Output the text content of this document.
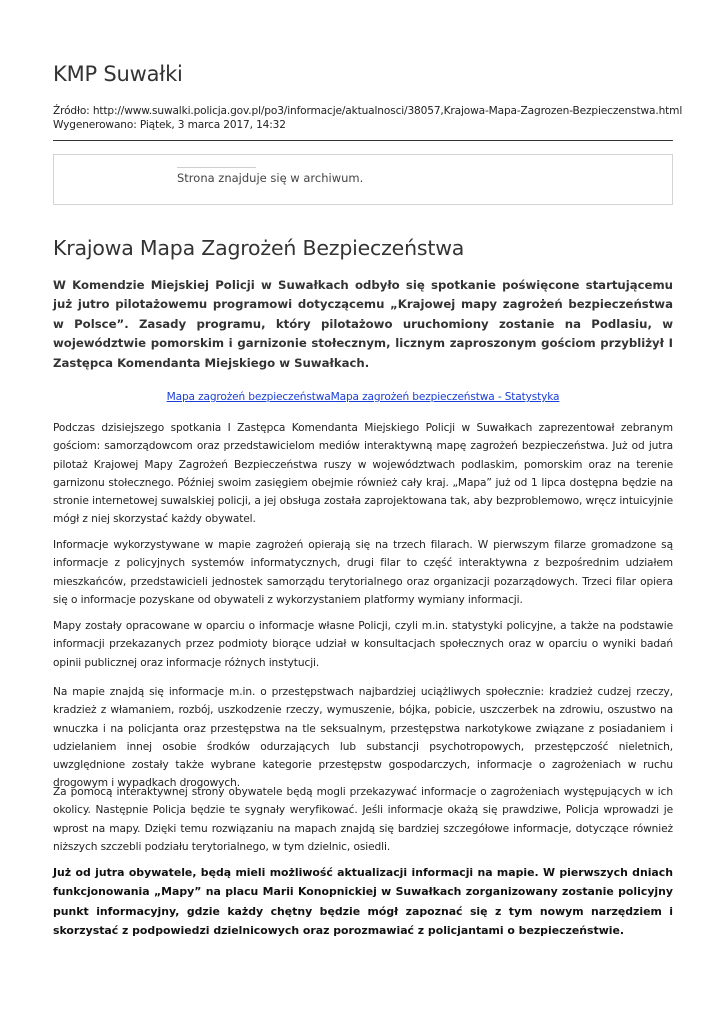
KMP Suwałki
Źródło: http://www.suwalki.policja.gov.pl/po3/informacje/aktualnosci/38057,Krajowa-Mapa-Zagrozen-Bezpieczenstwa.html
Wygenerowano: Piątek, 3 marca 2017, 14:32
Strona znajduje się w archiwum.
Krajowa Mapa Zagrożeń Bezpieczeństwa

W Komendzie Miejskiej Policji w Suwałkach odbyło się spotkanie poświęcone startującemu już jutro pilotażowemu programowi dotyczącemu „Krajowej mapy zagrożeń bezpieczeństwa w Polsce”. Zasady programu, który pilotażowo uruchomiony zostanie na Podlasiu, w województwie pomorskim i garnizonie stołecznym, licznym zaproszonym gościom przybliżył I Zastępca Komendanta Miejskiego w Suwałkach.

Mapa zagrożeń bezpieczeństwaMapa zagrożeń bezpieczeństwa - Statystyka

Podczas dzisiejszego spotkania I Zastępca Komendanta Miejskiego Policji w Suwałkach zaprezentował zebranym gościom: samorządowcom oraz przedstawicielom mediów interaktywną mapę zagrożeń bezpieczeństwa. Już od jutra pilotaż Krajowej Mapy Zagrożeń Bezpieczeństwa ruszy w województwach podlaskim, pomorskim oraz na terenie garnizonu stołecznego. Później swoim zasięgiem obejmie również cały kraj. „Mapa” już od 1 lipca dostępna będzie na stronie internetowej suwalskiej policji, a jej obsługa została zaprojektowana tak, aby bezproblemowo, wręcz intuicyjnie mógł z niej skorzystać każdy obywatel.

Informacje wykorzystywane w mapie zagrożeń opierają się na trzech filarach. W pierwszym filarze gromadzone są informacje z policyjnych systemów informatycznych, drugi filar to część interaktywna z bezpośrednim udziałem mieszkańców, przedstawicieli jednostek samorządu terytorialnego oraz organizacji pozarządowych. Trzeci filar opiera się o informacje pozyskane od obywateli z wykorzystaniem platformy wymiany informacji.

Mapy zostały opracowane w oparciu o informacje własne Policji, czyli m.in. statystyki policyjne, a także na podstawie informacji przekazanych przez podmioty biorące udział w konsultacjach społecznych oraz w oparciu o wyniki badań opinii publicznej oraz informacje różnych instytucji.

Na mapie znajdą się informacje m.in. o przestępstwach najbardziej uciążliwych społecznie: kradzież cudzej rzeczy, kradzież z włamaniem, rozbój, uszkodzenie rzeczy, wymuszenie, bójka, pobicie, uszczerbek na zdrowiu, oszustwo na wnuczka i na policjanta oraz przestępstwa na tle seksualnym, przestępstwa narkotykowe związane z posiadaniem i udzielaniem innej osobie środków odurzających lub substancji psychotropowych, przestępczość nieletnich, uwzględnione zostały także wybrane kategorie przestępstw gospodarczych, informacje o zagrożeniach w ruchu drogowym i wypadkach drogowych.

Za pomocą interaktywnej strony obywatele będą mogli przekazywać informacje o zagrożeniach występujących w ich okolicy. Następnie Policja będzie te sygnały weryfikować. Jeśli informacje okażą się prawdziwe, Policja wprowadzi je wprost na mapy. Dzięki temu rozwiązaniu na mapach znajdą się bardziej szczegółowe informacje, dotyczące również niższych szczebli podziału terytorialnego, w tym dzielnic, osiedli.

Już od jutra obywatele, będą mieli możliwość aktualizacji informacji na mapie. W pierwszych dniach funkcjonowania „Mapy” na placu Marii Konopnickiej w Suwałkach zorganizowany zostanie policyjny punkt informacyjny, gdzie każdy chętny będzie mógł zapoznać się z tym nowym narzędziem i skorzystać z podpowiedzi dzielnicowych oraz porozmawiać z policjantami o bezpieczeństwie.
